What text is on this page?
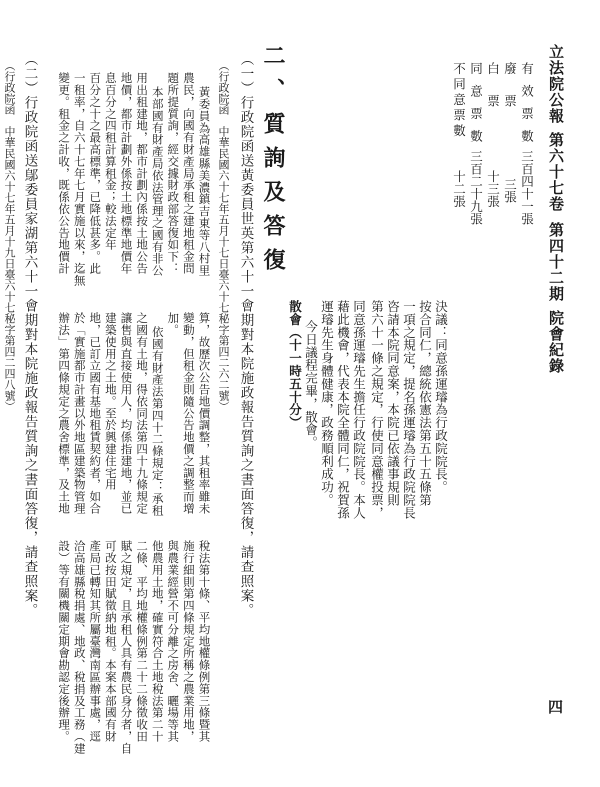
立法院公報
第六十七卷
第四十二期
院會紀錄
四
有效票數
三百四十一張
廢票
三張
白票
十三張
同意票數
三百二十九張
不同意票數
十二張
決議：同意孫運璿為行政院院長。
按合同仁，總統依憲法第五十五條第
一項之規定，提名孫運璿為行政院院長
咨請本院同意案，本院已依議事規則
第六十一條之規定，行使同意權投票，
同意孫運璿先生擔任行政院院長。本人
藉此機會，代表本院全體同仁，祝賀孫
運璿先生身體健康，政務順利成功。
今日議程完畢，散會。
散會（十一時五十分）
二、質詢及答復
（一）行政院函送黃委員世英第六十一會期對本院施政報告質詢之書面答復，請查照案。
（行政院函　中華民國六十七年五月十七日臺六十七秘字第四二六二號）
黃委員為高雄縣美濃鎮吉東等八村里
農民，向國有財產局承租之建地租金問
題所提質詢，經交據財政部答復如下：
本部國有財產局依法管理之國有非公
用出租建地，都市計劃內係按土地公告
地價，都市計劃外係按土地標準地價年
息百分之四租計算租金；較法定年
百分之十之最高標準，已降低甚多。此
一租率，自六十七年七月實施以來，迄無
變更。租金之計收，既係依公告地價計
算，故歷次公告地價調整，其租率雖未
變動，但租金則隨公告地價之調整而增
加。
依國有財產法第四十二條規定：承租
之國有土地，得依同法第四十九條規定
讓售與直接使用人，均係指建地，並已
建築使用之土地。至於興建住宅用
地，已訂立國有基地租賃契約者，如合
於「實施都市計畫以外地區建築物管理
辦法」第四條規定之農舍標準，及土地
稅法第十條、平均地權條例第三條暨其
施行細則第四條規定所稱之農業用地，
與農業經營不可分離之房舍、曬場等其
他農用土地，確實符合土地稅法第二十
二條、平均地權條例第二十二條徵收田
賦之規定，且承租人具有農民身分者，自
可改按田賦徵納地租。本案本部國有財
產局已轉知其所屬臺灣南區辦事處，逕
洽高雄縣稅捐處、地政、稅捐及工務（建
設）等有關機關定期會勘認定後辦理。
（二）行政院函送鄔委員家湖第六十一會期對本院施政報告質詢之書面答復，請查照案。
（行政院函　中華民國六十七年五月十九日臺六十七秘字第四二四八號）
